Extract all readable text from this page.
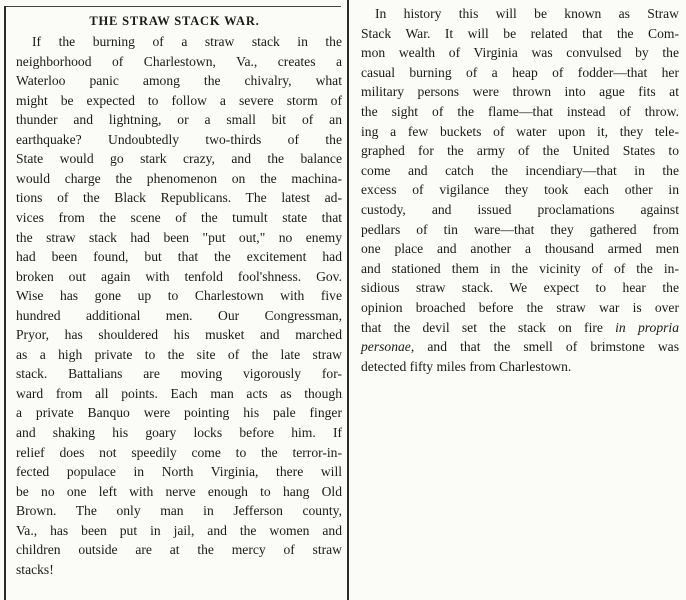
THE STRAW STACK WAR.
If the burning of a straw stack in the
neighborhood of Charlestown, Va., creates a
Waterloo panic among the chivalry, what
might be expected to follow a severe storm of
thunder and lightning, or a small bit of an
earthquake? Undoubtedly two-thirds of the
State would go stark crazy, and the balance
would charge the phenomenon on the machina-
tions of the Black Republicans. The latest ad-
vices from the scene of the tumult state that
the straw stack had been "put out," no enemy
had been found, but that the excitement had
broken out again with tenfold fool'shness. Gov.
Wise has gone up to Charlestown with five
hundred additional men. Our Congressman,
Pryor, has shouldered his musket and marched
as a high private to the site of the late straw
stack. Battalians are moving vigorously for-
ward from all points. Each man acts as though
a private Banquo were pointing his pale finger
and shaking his goary locks before him. If
relief does not speedily come to the terror-in-
fected populace in North Virginia, there will
be no one left with nerve enough to hang Old
Brown. The only man in Jefferson county,
Va., has been put in jail, and the women and
children outside are at the mercy of straw
stacks!
In history this will be known as Straw
Stack War. It will be related that the Com-
mon wealth of Virginia was convulsed by the
casual burning of a heap of fodder—that her
military persons were thrown into ague fits at
the sight of the flame—that instead of throw.
ing a few buckets of water upon it, they tele-
graphed for the army of the United States to
come and catch the incendiary—that in the
excess of vigilance they took each other in
custody, and issued proclamations against
pedlars of tin ware—that they gathered from
one place and another a thousand armed men
and stationed them in the vicinity of of the in-
sidious straw stack. We expect to hear the
opinion broached before the straw war is over
that the devil set the stack on fire in propria
personae, and that the smell of brimstone was
detected fifty miles from Charlestown.
